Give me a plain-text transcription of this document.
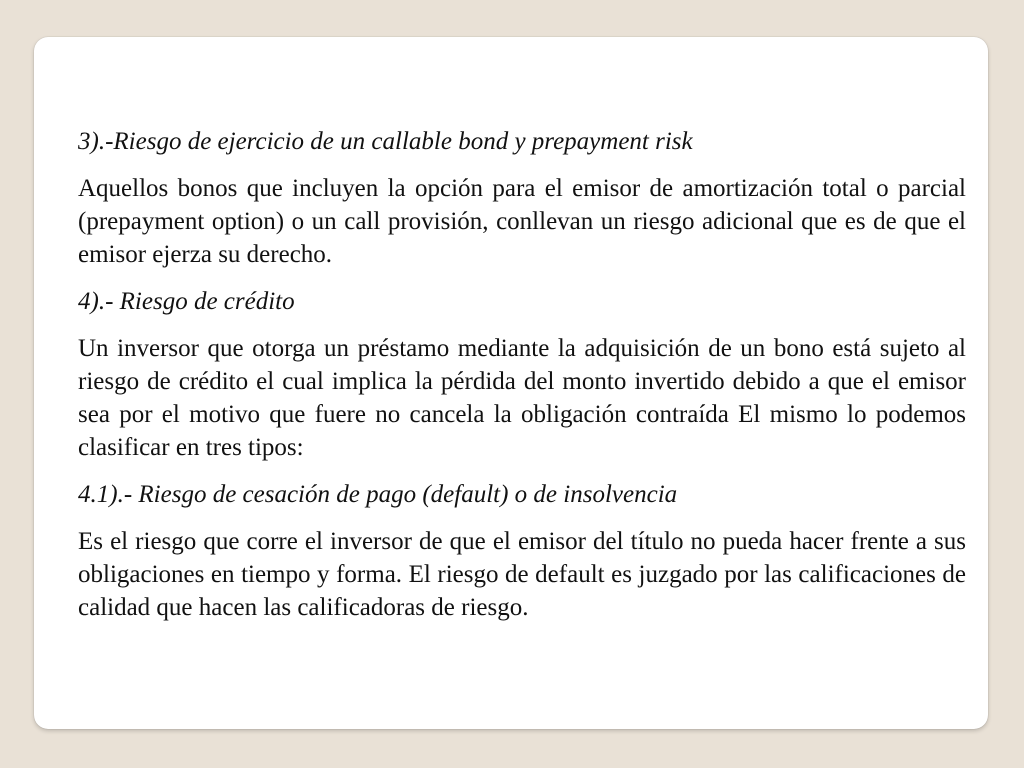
3).-Riesgo de ejercicio de un callable bond y prepayment risk

Aquellos bonos que incluyen la opción para el emisor de amortización total o parcial (prepayment option) o un call provisión, conllevan un riesgo adicional que es de que el emisor ejerza su derecho.

4).- Riesgo de crédito

Un inversor que otorga un préstamo mediante la adquisición de un bono está sujeto al riesgo de crédito el cual implica la pérdida del monto invertido debido a que el emisor sea por el motivo que fuere no cancela la obligación contraída El mismo lo podemos clasificar en tres tipos:

4.1).- Riesgo de cesación de pago (default) o de insolvencia

Es el riesgo que corre el inversor de que el emisor del título no pueda hacer frente a sus obligaciones en tiempo y forma. El riesgo de default es juzgado por las calificaciones de calidad que hacen las calificadoras de riesgo.
